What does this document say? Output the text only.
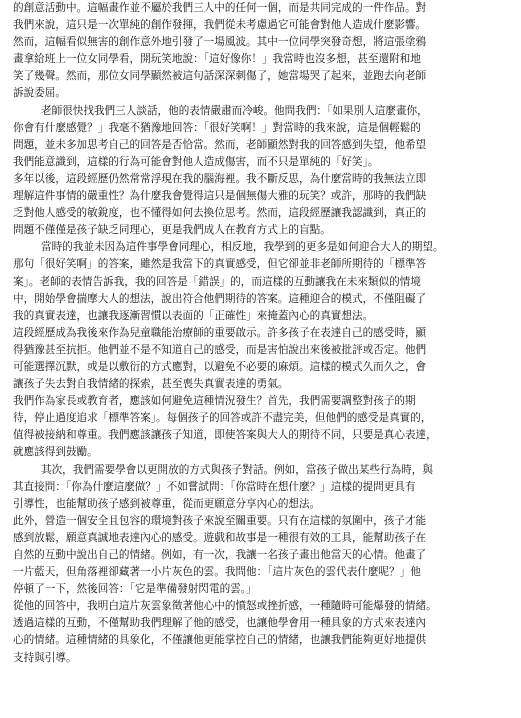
的創意活動中。這幅畫作並不屬於我們三人中的任何一個，而是共同完成的一件作品。對
我們來說，這只是一次單純的創作發揮，我們從未考慮過它可能會對他人造成什麼影響。
然而，這幅看似無害的創作意外地引發了一場風波。其中一位同學突發奇想，將這張塗鴉
畫拿給班上一位女同學看，開玩笑地說：「這好像你！」我當時也沒多想，甚至還附和地
笑了幾聲。然而，那位女同學顯然被這句話深深刺傷了，她當場哭了起來，並跑去向老師
訴說委屈。
老師很快找我們三人談話，他的表情嚴肅而冷峻。他問我們：「如果別人這麼畫你，
你會有什麼感覺？」我毫不猶豫地回答：「很好笑啊！」對當時的我來說，這是個輕鬆的
問題，並未多加思考自己的回答是否恰當。然而，老師顯然對我的回答感到失望，他希望
我們能意識到，這樣的行為可能會對他人造成傷害，而不只是單純的「好笑」。
多年以後，這段經歷仍然常常浮現在我的腦海裡。我不斷反思，為什麼當時的我無法立即
理解這件事情的嚴重性？為什麼我會覺得這只是個無傷大雅的玩笑？或許，那時的我們缺
乏對他人感受的敏銳度，也不懂得如何去換位思考。然而，這段經歷讓我認識到，真正的
問題不僅僅是孩子缺乏同理心，更是我們成人在教育方式上的盲點。
當時的我並未因為這件事學會同理心，相反地，我學到的更多是如何迎合大人的期望。
那句「很好笑啊」的答案，雖然是我當下的真實感受，但它卻並非老師所期待的「標準答
案」。老師的表情告訴我，我的回答是「錯誤」的，而這樣的互動讓我在未來類似的情境
中，開始學會揣摩大人的想法，說出符合他們期待的答案。這種迎合的模式，不僅阻礙了
我的真實表達，也讓我逐漸習慣以表面的「正確性」來掩蓋內心的真實想法。
這段經歷成為我後來作為兒童職能治療師的重要啟示。許多孩子在表達自己的感受時，顯
得猶豫甚至抗拒。他們並不是不知道自己的感受，而是害怕說出來後被批評或否定。他們
可能選擇沉默，或是以敷衍的方式應對，以避免不必要的麻煩。這樣的模式久而久之，會
讓孩子失去對自我情緒的探索，甚至喪失真實表達的勇氣。
我們作為家長或教育者，應該如何避免這種情況發生？首先，我們需要調整對孩子的期
待，停止過度追求「標準答案」。每個孩子的回答或許不盡完美，但他們的感受是真實的，
值得被接納和尊重。我們應該讓孩子知道，即使答案與大人的期待不同，只要是真心表達，
就應該得到鼓勵。
其次，我們需要學會以更開放的方式與孩子對話。例如，當孩子做出某些行為時，與
其直接問：「你為什麼這麼做？」不如嘗試問：「你當時在想什麼？」這樣的提問更具有
引導性，也能幫助孩子感到被尊重，從而更願意分享內心的想法。
此外，營造一個安全且包容的環境對孩子來說至關重要。只有在這樣的氛圍中，孩子才能
感到放鬆，願意真誠地表達內心的感受。遊戲和故事是一種很有效的工具，能幫助孩子在
自然的互動中說出自己的情緒。例如，有一次，我讓一名孩子畫出他當天的心情。他畫了
一片藍天，但角落裡卻藏著一小片灰色的雲。我問他：「這片灰色的雲代表什麼呢？」他
停頓了一下，然後回答：「它是準備發射閃電的雲。」
從他的回答中，我明白這片灰雲象徵著他心中的憤怒或挫折感，一種隨時可能爆發的情緒。
透過這樣的互動，不僅幫助我們理解了他的感受，也讓他學會用一種具象的方式來表達內
心的情緒。這種情緒的具象化，不僅讓他更能掌控自己的情緒，也讓我們能夠更好地提供
支持與引導。
